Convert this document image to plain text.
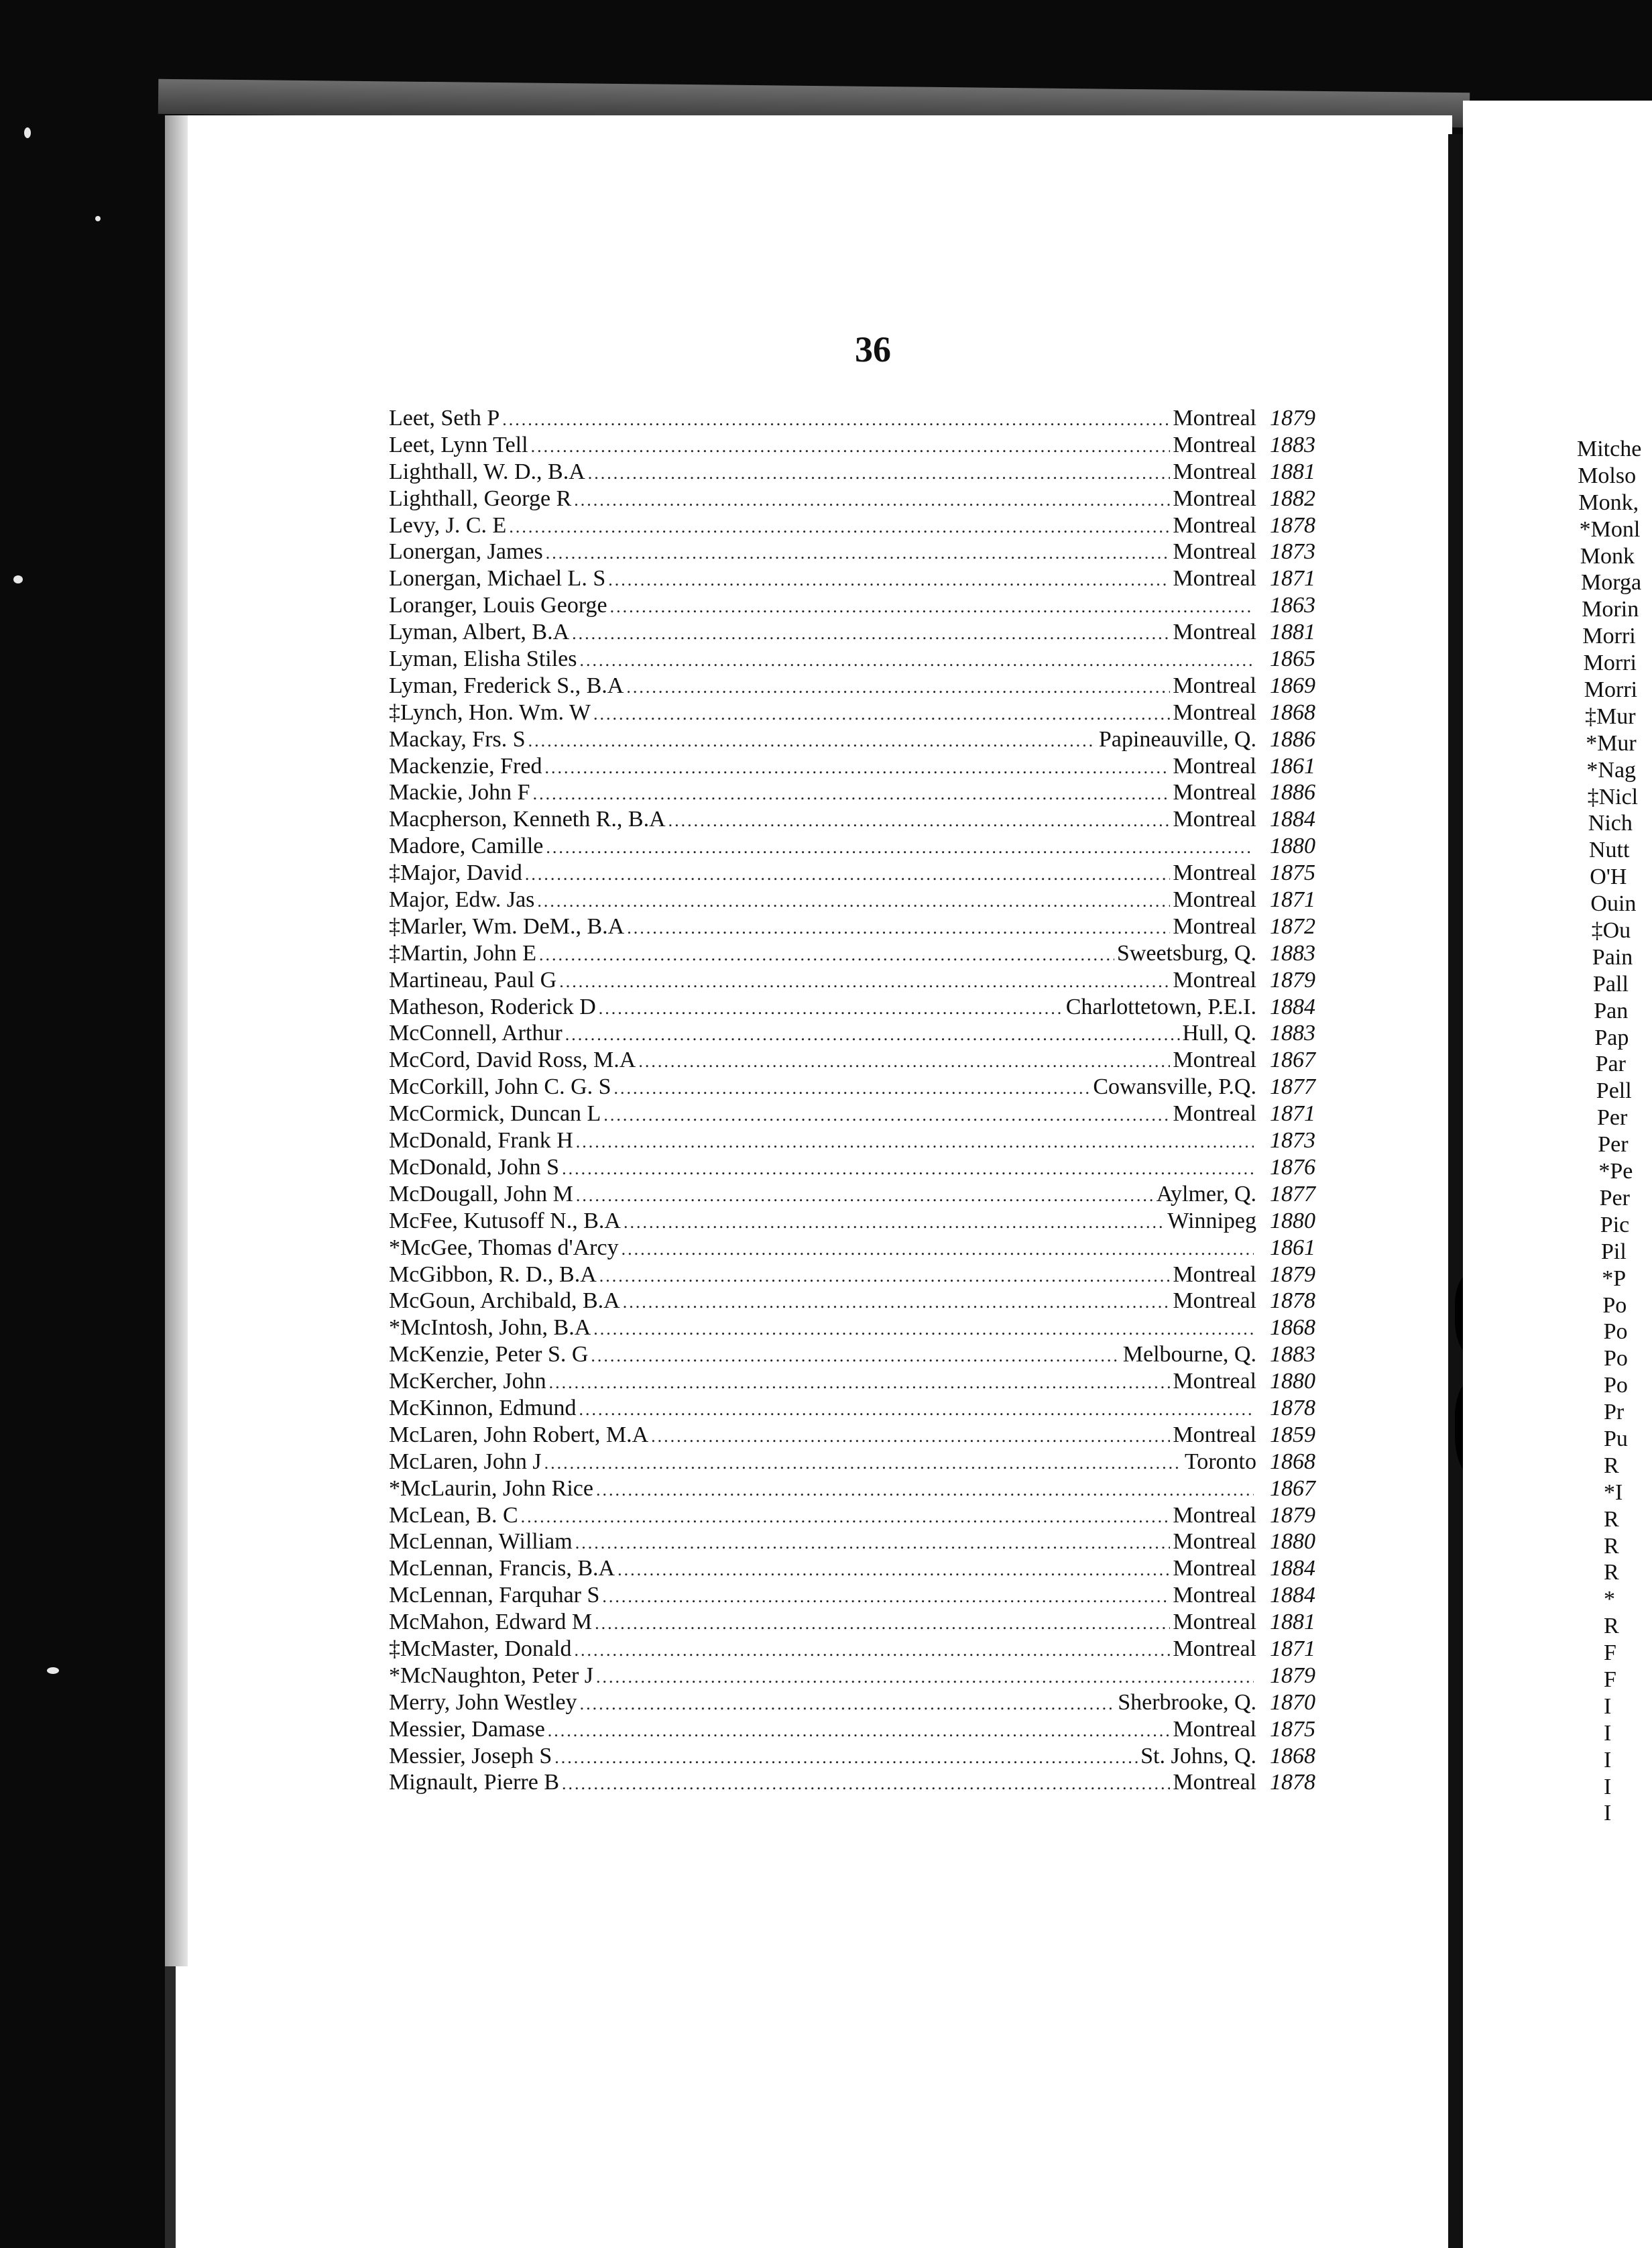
36
Leet, Seth P .....	Montreal 1879
Leet, Lynn Tell .....	Montreal 1883
Lighthall, W. D., B.A .....	Montreal 1881
Lighthall, George R .....	Montreal 1882
Levy, J. C. E .....	Montreal 1878
Lonergan, James .....	Montreal 1873
Lonergan, Michael L. S .....	Montreal 1871
Loranger, Louis George .....	1863
Lyman, Albert, B.A .....	Montreal 1881
Lyman, Elisha Stiles .....	1865
Lyman, Frederick S., B.A .....	Montreal 1869
‡Lynch, Hon. Wm. W .....	Montreal 1868
Mackay, Frs. S .....	Papineauville, Q. 1886
Mackenzie, Fred .....	Montreal 1861
Mackie, John F .....	Montreal 1886
Macpherson, Kenneth R., B.A .....	Montreal 1884
Madore, Camille .....	1880
‡Major, David .....	Montreal 1875
Major, Edw. Jas .....	Montreal 1871
‡Marler, Wm. DeM., B.A .....	Montreal 1872
‡Martin, John E .....	Sweetsburg, Q. 1883
Martineau, Paul G .....	Montreal 1879
Matheson, Roderick D .....	Charlottetown, P.E.I. 1884
McConnell, Arthur .....	Hull, Q. 1883
McCord, David Ross, M.A .....	Montreal 1867
McCorkill, John C. G. S .....	Cowansville, P.Q. 1877
McCormick, Duncan L .....	Montreal 1871
McDonald, Frank H .....	1873
McDonald, John S .....	1876
McDougall, John M .....	Aylmer, Q. 1877
McFee, Kutusoff N., B.A .....	Winnipeg 1880
*McGee, Thomas d'Arcy .....	1861
McGibbon, R. D., B.A .....	Montreal 1879
McGoun, Archibald, B.A .....	Montreal 1878
*McIntosh, John, B.A .....	1868
McKenzie, Peter S. G .....	Melbourne, Q. 1883
McKercher, John .....	Montreal 1880
McKinnon, Edmund .....	1878
McLaren, John Robert, M.A .....	Montreal 1859
McLaren, John J .....	Toronto 1868
*McLaurin, John Rice .....	1867
McLean, B. C .....	Montreal 1879
McLennan, William .....	Montreal 1880
McLennan, Francis, B.A .....	Montreal 1884
McLennan, Farquhar S .....	Montreal 1884
McMahon, Edward M .....	Montreal 1881
‡McMaster, Donald .....	Montreal 1871
*McNaughton, Peter J .....	1879
Merry, John Westley .....	Sherbrooke, Q. 1870
Messier, Damase .....	Montreal 1875
Messier, Joseph S .....	St. Johns, Q. 1868
Mignault, Pierre B .....	Montreal 1878
Mitche
Molso
Monk,
*Monl
Monk
Morga
Morin
Morri
Morri
Morri
‡Mur
*Mur
*Nag
‡Nicl
Nich
Nutt
O'H
Ouin
‡Ou
Pain
Pall
Pan
Pap
Par
Pell
Per
Per
*Pe
Per
Pic
Pil
*P
Po
Po
Po
Po
Pr
Pu
R
*I
R
R
R
*
R
F
F
I
I
I
I
I
